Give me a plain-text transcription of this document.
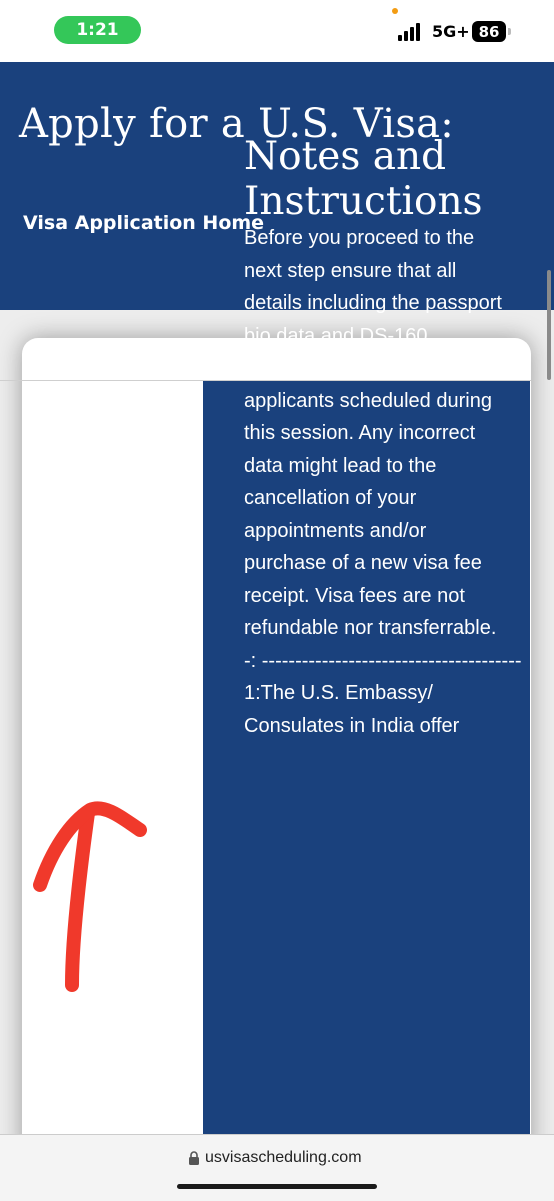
1:21	5G+ 86
Apply for a U.S. Visa:
Visa Application Home
Notes and Instructions

Before you proceed to the next step ensure that all details including the passport bio data and DS-160 information are correct for all applicants scheduled during this session. Any incorrect data might lead to the cancellation of your appointments and/or purchase of a new visa fee receipt. Visa fees are not refundable nor transferrable.

-: ---------------------------------------

1:The U.S. Embassy/ Consulates in India offer

usvisascheduling.com
